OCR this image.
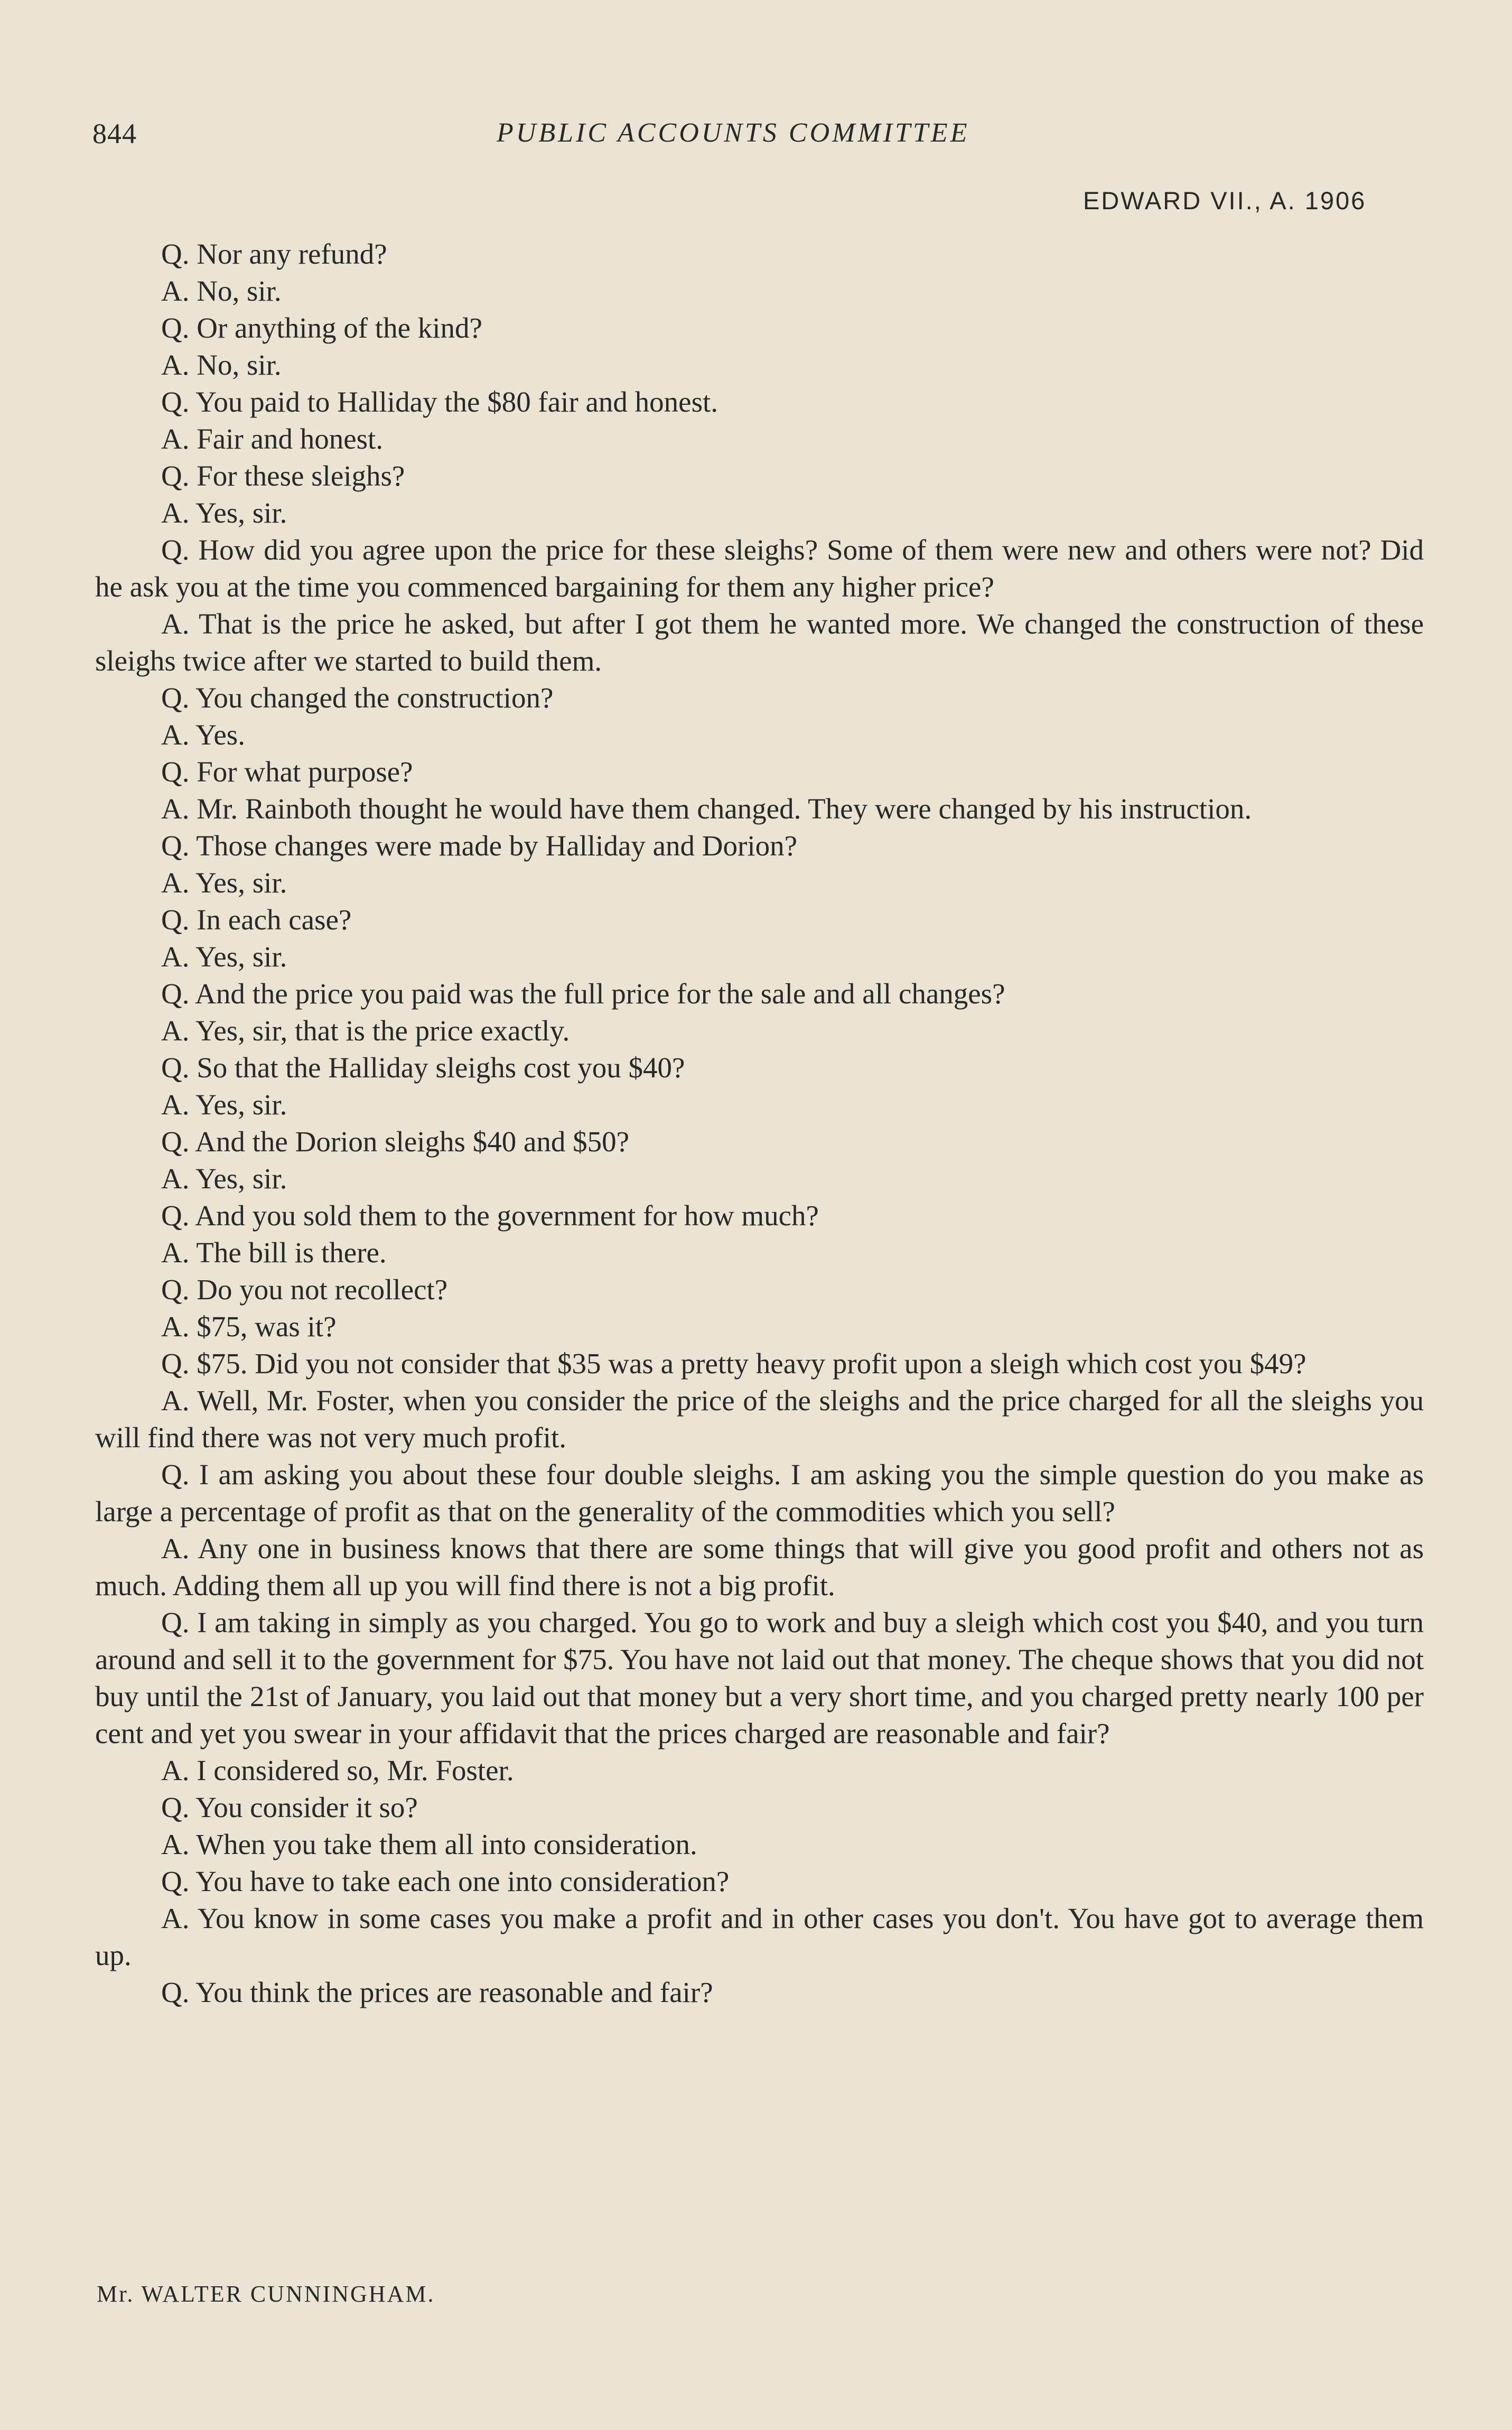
844	PUBLIC ACCOUNTS COMMITTEE
EDWARD VII., A. 1906

Q. Nor any refund?

A. No, sir.

Q. Or anything of the kind?

A. No, sir.

Q. You paid to Halliday the $80 fair and honest.

A. Fair and honest.

Q. For these sleighs?

A. Yes, sir.

Q. How did you agree upon the price for these sleighs? Some of them were new and others were not? Did he ask you at the time you commenced bargaining for them any higher price?

A. That is the price he asked, but after I got them he wanted more. We changed the construction of these sleighs twice after we started to build them.

Q. You changed the construction?

A. Yes.

Q. For what purpose?

A. Mr. Rainboth thought he would have them changed. They were changed by his instruction.

Q. Those changes were made by Halliday and Dorion?

A. Yes, sir.

Q. In each case?

A. Yes, sir.

Q. And the price you paid was the full price for the sale and all changes?

A. Yes, sir, that is the price exactly.

Q. So that the Halliday sleighs cost you $40?

A. Yes, sir.

Q. And the Dorion sleighs $40 and $50?

A. Yes, sir.

Q. And you sold them to the government for how much?

A. The bill is there.

Q. Do you not recollect?

A. $75, was it?

Q. $75. Did you not consider that $35 was a pretty heavy profit upon a sleigh which cost you $49?

A. Well, Mr. Foster, when you consider the price of the sleighs and the price charged for all the sleighs you will find there was not very much profit.

Q. I am asking you about these four double sleighs. I am asking you the simple question do you make as large a percentage of profit as that on the generality of the commodities which you sell?

A. Any one in business knows that there are some things that will give you good profit and others not as much. Adding them all up you will find there is not a big profit.

Q. I am taking in simply as you charged. You go to work and buy a sleigh which cost you $40, and you turn around and sell it to the government for $75. You have not laid out that money. The cheque shows that you did not buy until the 21st of January, you laid out that money but a very short time, and you charged pretty nearly 100 per cent and yet you swear in your affidavit that the prices charged are reasonable and fair?

A. I considered so, Mr. Foster.

Q. You consider it so?

A. When you take them all into consideration.

Q. You have to take each one into consideration?

A. You know in some cases you make a profit and in other cases you don't. You have got to average them up.

Q. You think the prices are reasonable and fair?

Mr. WALTER CUNNINGHAM.
